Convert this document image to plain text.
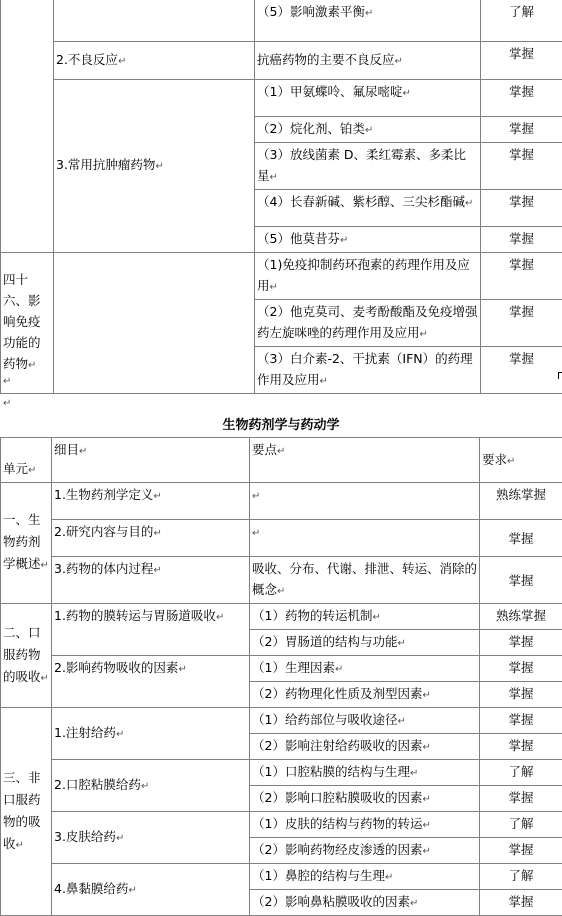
		（5）影响激素平衡↵	了解
	2.不良反应↵	抗癌药物的主要不良反应↵	掌握
	3.常用抗肿瘤药物↵	（1）甲氨蝶呤、氟尿嘧啶↵	掌握
		（2）烷化剂、铂类↵	掌握
		（3）放线菌素 D、柔红霉素、多柔比星↵	掌握
		（4）长春新碱、紫杉醇、三尖杉酯碱↵	掌握
		（5）他莫昔芬↵	掌握
四十六、影响免疫功能的药物↵		（1)免疫抑制药环孢素的药理作用及应用↵	掌握
		（2）他克莫司、麦考酚酸酯及免疫增强药左旋咪唑的药理作用及应用↵	掌握
		（3）白介素-2、干扰素（IFN）的药理作用及应用↵	掌握
↵
↵
生物药剂学与药动学
单元↵	细目↵	要点↵	要求↵
一、生物药剂学概述↵	1.生物药剂学定义↵	↵	熟练掌握
	2.研究内容与目的↵	↵	掌握
	3.药物的体内过程↵	吸收、分布、代谢、排泄、转运、消除的概念↵	掌握
二、口服药物的吸收↵	1.药物的膜转运与胃肠道吸收↵	（1）药物的转运机制↵	熟练掌握
		（2）胃肠道的结构与功能↵	掌握
	2.影响药物吸收的因素↵	（1）生理因素↵	掌握
		（2）药物理化性质及剂型因素↵	掌握
三、非口服药物的吸收↵	1.注射给药↵	（1）给药部位与吸收途径↵	掌握
		（2）影响注射给药吸收的因素↵	掌握
	2.口腔粘膜给药↵	（1）口腔粘膜的结构与生理↵	了解
		（2）影响口腔粘膜吸收的因素↵	掌握
	3.皮肤给药↵	（1）皮肤的结构与药物的转运↵	了解
		（2）影响药物经皮渗透的因素↵	掌握
	4.鼻黏膜给药↵	（1）鼻腔的结构与生理↵	了解
		（2）影响鼻粘膜吸收的因素↵	掌握
